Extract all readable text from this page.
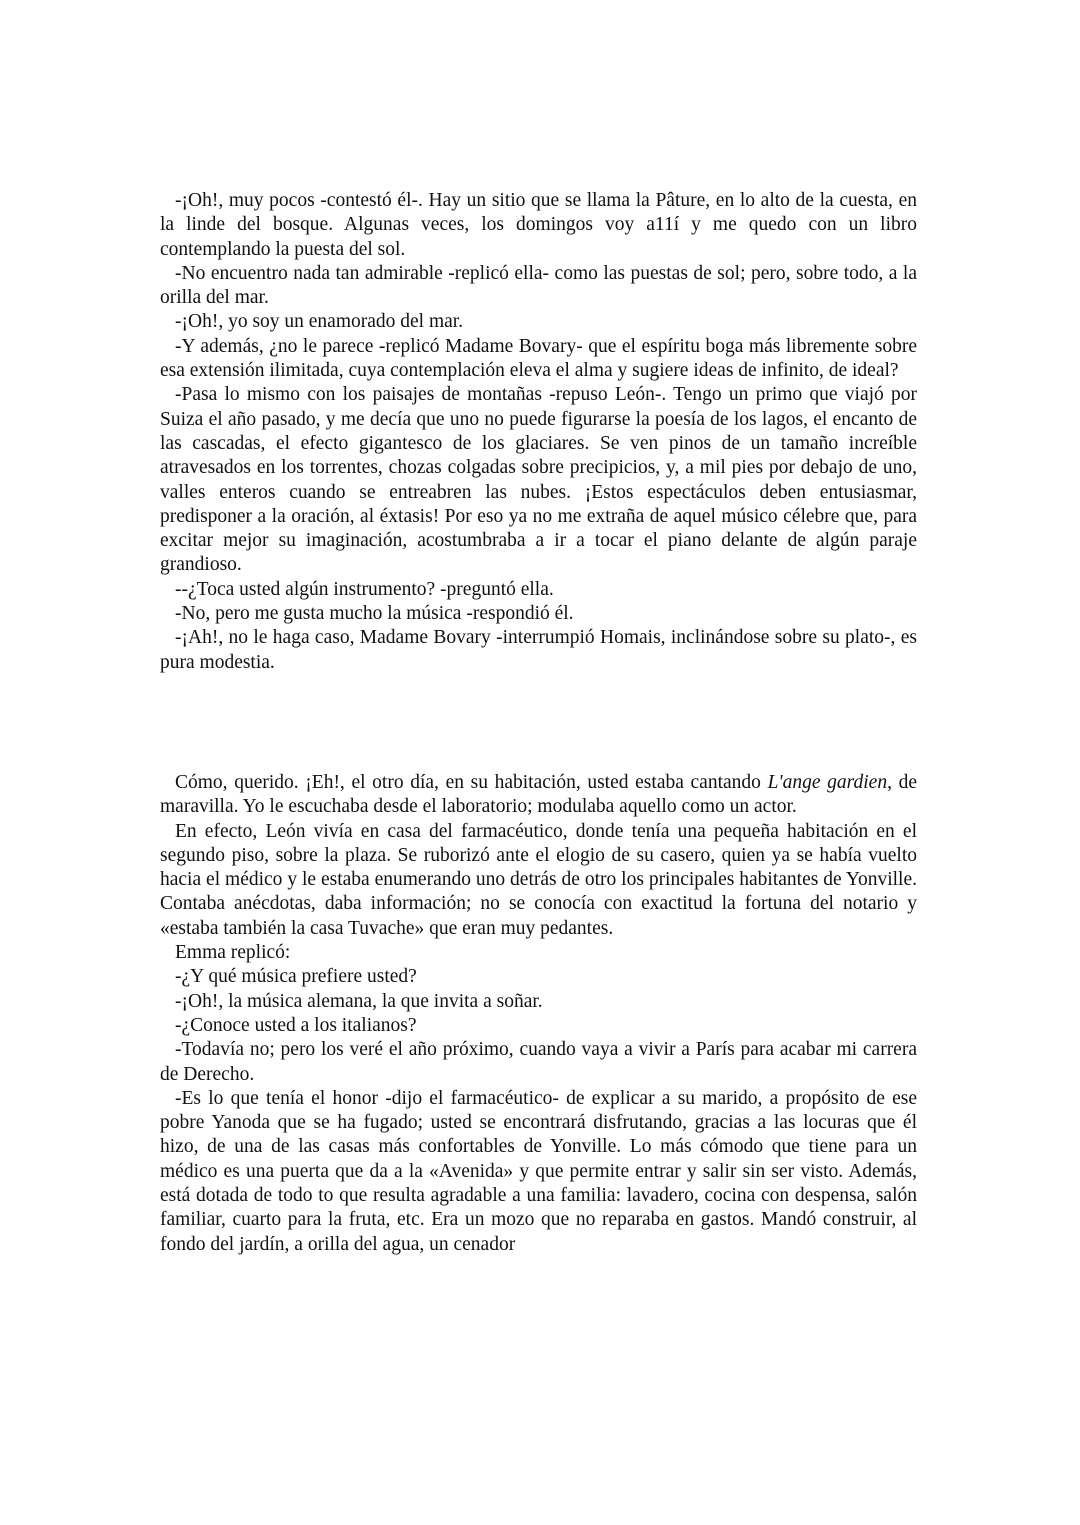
-¡Oh!, muy pocos -contestó él-. Hay un sitio que se llama la Pâture, en lo alto de la cuesta, en la linde del bosque. Algunas veces, los domingos voy a11í y me quedo con un libro contemplando la puesta del sol.

-No encuentro nada tan admirable -replicó ella- como las puestas de sol; pero, sobre todo, a la orilla del mar.

-¡Oh!, yo soy un enamorado del mar.

-Y además, ¿no le parece -replicó Madame Bovary- que el espíritu boga más libremente sobre esa extensión ilimitada, cuya contemplación eleva el alma y sugiere ideas de infinito, de ideal?

-Pasa lo mismo con los paisajes de montañas -repuso León-. Tengo un primo que viajó por Suiza el año pasado, y me decía que uno no puede figurarse la poesía de los lagos, el encanto de las cascadas, el efecto gigantesco de los glaciares. Se ven pinos de un tamaño increíble atravesados en los torrentes, chozas colgadas sobre precipicios, y, a mil pies por debajo de uno, valles enteros cuando se entreabren las nubes. ¡Estos espectáculos deben entusiasmar, predisponer a la oración, al éxtasis! Por eso ya no me extraña de aquel músico célebre que, para excitar mejor su imaginación, acostumbraba a ir a tocar el piano delante de algún paraje grandioso.

--¿Toca usted algún instrumento? -preguntó ella.

-No, pero me gusta mucho la música -respondió él.

-¡Ah!, no le haga caso, Madame Bovary -interrumpió Homais, inclinándose sobre su plato-, es pura modestia.

Cómo, querido. ¡Eh!, el otro día, en su habitación, usted estaba cantando L'ange gardien, de maravilla. Yo le escuchaba desde el laboratorio; modulaba aquello como un actor.

En efecto, León vivía en casa del farmacéutico, donde tenía una pequeña habitación en el segundo piso, sobre la plaza. Se ruborizó ante el elogio de su casero, quien ya se había vuelto hacia el médico y le estaba enumerando uno detrás de otro los principales habitantes de Yonville. Contaba anécdotas, daba información; no se conocía con exactitud la fortuna del notario y «estaba también la casa Tuvache» que eran muy pedantes.

Emma replicó:

-¿Y qué música prefiere usted?

-¡Oh!, la música alemana, la que invita a soñar.

-¿Conoce usted a los italianos?

-Todavía no; pero los veré el año próximo, cuando vaya a vivir a París para acabar mi carrera de Derecho.

-Es lo que tenía el honor -dijo el farmacéutico- de explicar a su marido, a propósito de ese pobre Yanoda que se ha fugado; usted se encontrará disfrutando, gracias a las locuras que él hizo, de una de las casas más confortables de Yonville. Lo más cómodo que tiene para un médico es una puerta que da a la «Avenida» y que permite entrar y salir sin ser visto. Además, está dotada de todo to que resulta agradable a una familia: lavadero, cocina con despensa, salón familiar, cuarto para la fruta, etc. Era un mozo que no reparaba en gastos. Mandó construir, al fondo del jardín, a orilla del agua, un cenador
